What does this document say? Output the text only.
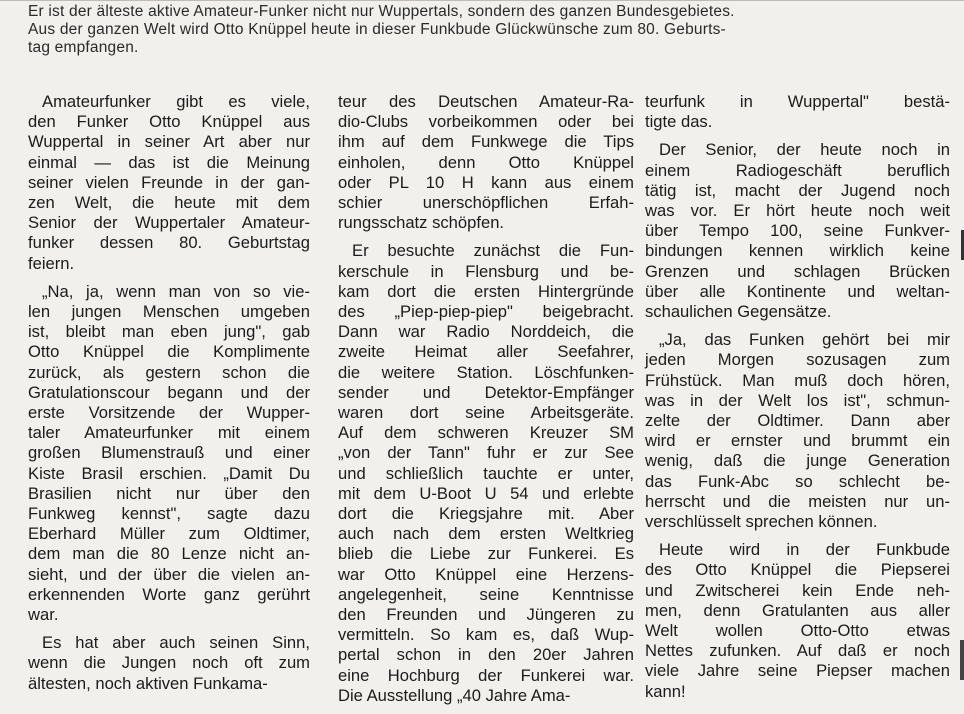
Er ist der älteste aktive Amateur-Funker nicht nur Wuppertals, sondern des ganzen Bundesgebietes.
Aus der ganzen Welt wird Otto Knüppel heute in dieser Funkbude Glückwünsche zum 80. Geburts-
tag empfangen.
Amateurfunker gibt es viele,
den Funker Otto Knüppel aus
Wuppertal in seiner Art aber nur
einmal — das ist die Meinung
seiner vielen Freunde in der gan-
zen Welt, die heute mit dem
Senior der Wuppertaler Amateur-
funker dessen 80. Geburtstag
feiern.
„Na, ja, wenn man von so vie-
len jungen Menschen umgeben
ist, bleibt man eben jung", gab
Otto Knüppel die Komplimente
zurück, als gestern schon die
Gratulationscour begann und der
erste Vorsitzende der Wupper-
taler Amateurfunker mit einem
großen Blumenstrauß und einer
Kiste Brasil erschien. „Damit Du
Brasilien nicht nur über den
Funkweg kennst", sagte dazu
Eberhard Müller zum Oldtimer,
dem man die 80 Lenze nicht an-
sieht, und der über die vielen an-
erkennenden Worte ganz gerührt
war.
Es hat aber auch seinen Sinn,
wenn die Jungen noch oft zum
ältesten, noch aktiven Funkama-
teur des Deutschen Amateur-Ra-
dio-Clubs vorbeikommen oder bei
ihm auf dem Funkwege die Tips
einholen, denn Otto Knüppel
oder PL 10 H kann aus einem
schier unerschöpflichen Erfah-
rungsschatz schöpfen.
Er besuchte zunächst die Fun-
kerschule in Flensburg und be-
kam dort die ersten Hintergründe
des „Piep-piep-piep" beigebracht.
Dann war Radio Norddeich, die
zweite Heimat aller Seefahrer,
die weitere Station. Löschfunken-
sender und Detektor-Empfänger
waren dort seine Arbeitsgeräte.
Auf dem schweren Kreuzer SM
„von der Tann" fuhr er zur See
und schließlich tauchte er unter,
mit dem U-Boot U 54 und erlebte
dort die Kriegsjahre mit. Aber
auch nach dem ersten Weltkrieg
blieb die Liebe zur Funkerei. Es
war Otto Knüppel eine Herzens-
angelegenheit, seine Kenntnisse
den Freunden und Jüngeren zu
vermitteln. So kam es, daß Wup-
pertal schon in den 20er Jahren
eine Hochburg der Funkerei war.
Die Ausstellung „40 Jahre Ama-
teurfunk in Wuppertal" bestä-
tigte das.
Der Senior, der heute noch in
einem Radiogeschäft beruflich
tätig ist, macht der Jugend noch
was vor. Er hört heute noch weit
über Tempo 100, seine Funkver-
bindungen kennen wirklich keine
Grenzen und schlagen Brücken
über alle Kontinente und weltan-
schaulichen Gegensätze.
„Ja, das Funken gehört bei mir
jeden Morgen sozusagen zum
Frühstück. Man muß doch hören,
was in der Welt los ist", schmun-
zelte der Oldtimer. Dann aber
wird er ernster und brummt ein
wenig, daß die junge Generation
das Funk-Abc so schlecht be-
herrscht und die meisten nur un-
verschlüsselt sprechen können.
Heute wird in der Funkbude
des Otto Knüppel die Piepserei
und Zwitscherei kein Ende neh-
men, denn Gratulanten aus aller
Welt wollen Otto-Otto etwas
Nettes zufunken. Auf daß er noch
viele Jahre seine Piepser machen
kann!
